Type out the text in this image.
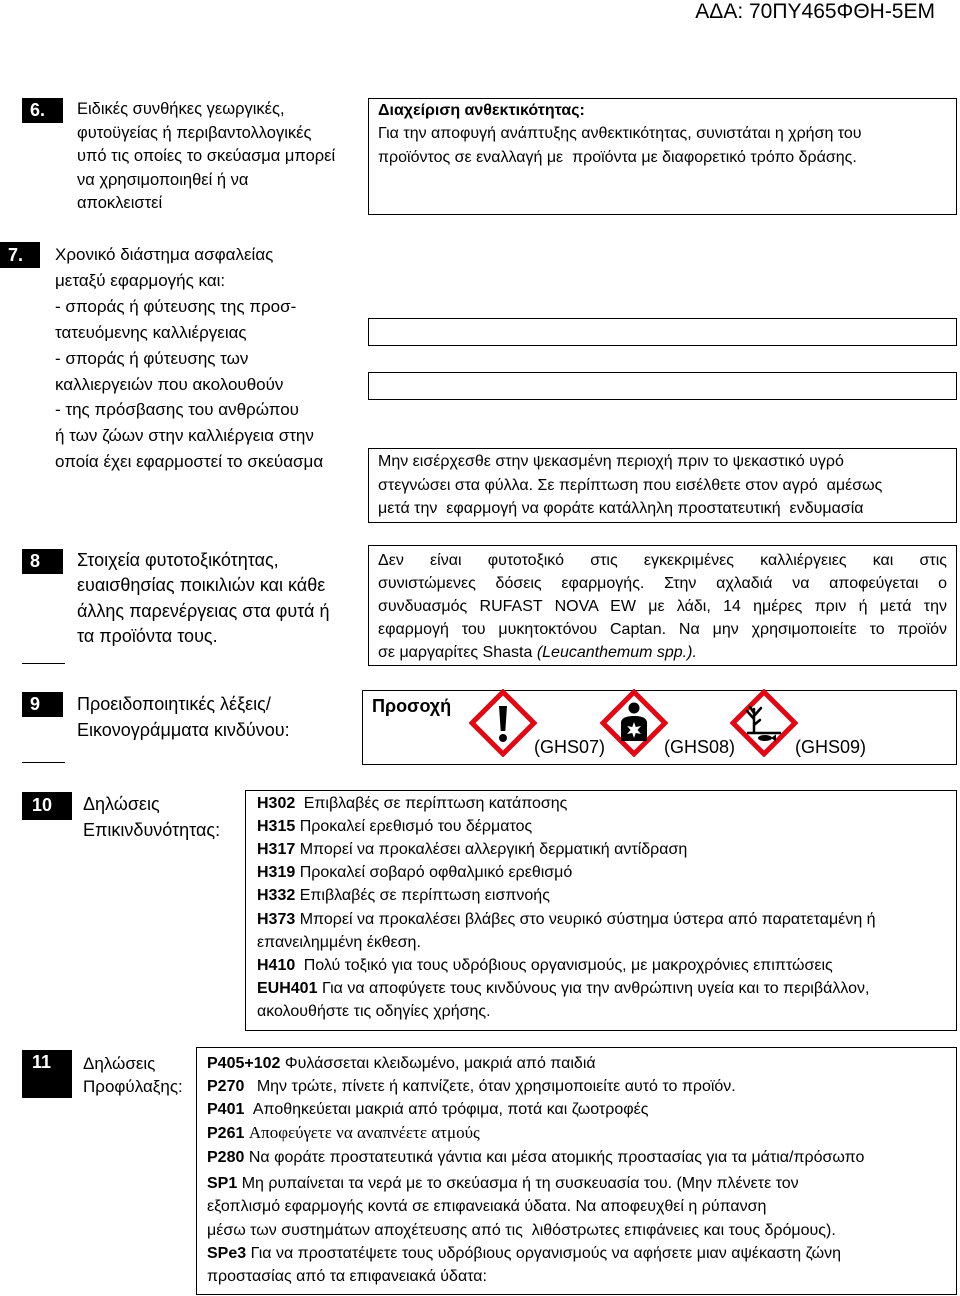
ΑΔΑ: 70ΠΥ465ΦΘΗ-5ΕΜ
6.	Ειδικές συνθήκες γεωργικές,
φυτοϋγείας ή περιβαντολλογικές
υπό τις οποίες το σκεύασμα μπορεί
να χρησιμοποιηθεί ή να
αποκλειστεί
Διαχείριση ανθεκτικότητας:
Για την αποφυγή ανάπτυξης ανθεκτικότητας, συνιστάται η χρήση του
προϊόντος σε εναλλαγή με  προϊόντα με διαφορετικό τρόπο δράσης.
7.	Χρονικό διάστημα ασφαλείας
μεταξύ εφαρμογής και:
- σποράς ή φύτευσης της προσ-
τατευόμενης καλλιέργειας
- σποράς ή φύτευσης των
καλλιεργειών που ακολουθούν
- της πρόσβασης του ανθρώπου
ή των ζώων στην καλλιέργεια στην
οποία έχει εφαρμοστεί το σκεύασμα	Μην εισέρχεσθε στην ψεκασμένη περιοχή πριν το ψεκαστικό υγρό
στεγνώσει στα φύλλα. Σε περίπτωση που εισέλθετε στον αγρό  αμέσως
μετά την  εφαρμογή να φοράτε κατάλληλη προστατευτική  ενδυμασία
8	Στοιχεία φυτοτοξικότητας,
ευαισθησίας ποικιλιών και κάθε
άλλης παρενέργειας στα φυτά ή
τα προϊόντα τους.
Δεν είναι φυτοτοξικό στις εγκεκριμένες καλλιέργειες και στις
συνιστώμενες δόσεις εφαρμογής. Στην αχλαδιά να αποφεύγεται ο
συνδυασμός RUFAST NOVA EW με λάδι, 14 ημέρες πριν ή μετά την
εφαρμογή του μυκητοκτόνου Captan. Να μην χρησιμοποιείτε το προϊόν
σε μαργαρίτες Shasta (Leucanthemum spp.).
9	Προειδοποιητικές λέξεις/
Εικονογράμματα κινδύνου:
Προσοχή
(GHS07)	(GHS08)	(GHS09)
10	Δηλώσεις
Επικινδυνότητας:
H302 Επιβλαβές σε περίπτωση κατάποσης
H315 Προκαλεί ερεθισμό του δέρματος
H317 Μπορεί να προκαλέσει αλλεργική δερματική αντίδραση
H319 Προκαλεί σοβαρό οφθαλμικό ερεθισμό
H332 Επιβλαβές σε περίπτωση εισπνοής
H373 Μπορεί να προκαλέσει βλάβες στο νευρικό σύστημα ύστερα από παρατεταμένη ή
επανειλημμένη έκθεση.
H410 Πολύ τοξικό για τους υδρόβιους οργανισμούς, με μακροχρόνιες επιπτώσεις
EUH401 Για να αποφύγετε τους κινδύνους για την ανθρώπινη υγεία και το περιβάλλον,
ακολουθήστε τις οδηγίες χρήσης.
11	Δηλώσεις
Προφύλαξης:
P405+102 Φυλάσσεται κλειδωμένο, μακριά από παιδιά
P270 Μην τρώτε, πίνετε ή καπνίζετε, όταν χρησιμοποιείτε αυτό το προϊόν.
P401 Αποθηκεύεται μακριά από τρόφιμα, ποτά και ζωοτροφές
P261 Αποφεύγετε να αναπνέετε ατμούς
P280 Να φοράτε προστατευτικά γάντια και μέσα ατομικής προστασίας για τα μάτια/πρόσωπο
SP1 Μη ρυπαίνεται τα νερά με το σκεύασμα ή τη συσκευασία του. (Μην πλένετε τον
εξοπλισμό εφαρμογής κοντά σε επιφανειακά ύδατα. Να αποφευχθεί η ρύπανση
μέσω των συστημάτων αποχέτευσης από τις  λιθόστρωτες επιφάνειες και τους δρόμους).
SPe3 Για να προστατέψετε τους υδρόβιους οργανισμούς να αφήσετε μιαν αψέκαστη ζώνη
προστασίας από τα επιφανειακά ύδατα:
